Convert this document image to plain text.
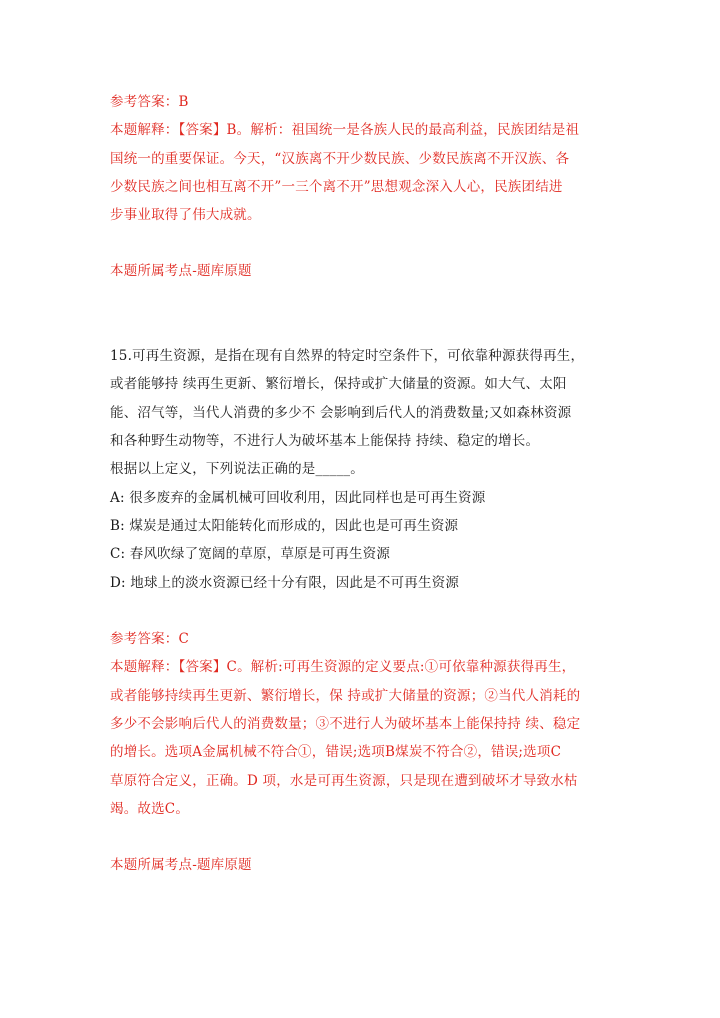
参考答案：B
本题解释：【答案】B。解析：祖国统一是各族人民的最高利益，民族团结是祖
国统一的重要保证。今天，“汉族离不开少数民族、少数民族离不开汉族、各
少数民族之间也相互离不开”一三个离不开”思想观念深入人心，民族团结进
步事业取得了伟大成就。
本题所属考点-题库原题
15.可再生资源，是指在现有自然界的特定时空条件下，可依靠种源获得再生，
或者能够持 续再生更新、繁衍增长，保持或扩大储量的资源。如大气、太阳
能、沼气等，当代人消费的多少不 会影响到后代人的消费数量;又如森林资源
和各种野生动物等，不进行人为破坏基本上能保持 持续、稳定的增长。
根据以上定义，下列说法正确的是_____。
A: 很多废弃的金属机械可回收利用，因此同样也是可再生资源
B: 煤炭是通过太阳能转化而形成的，因此也是可再生资源
C: 春风吹绿了宽阔的草原，草原是可再生资源
D: 地球上的淡水资源已经十分有限，因此是不可再生资源
参考答案：C
本题解释：【答案】C。解析:可再生资源的定义要点:①可依靠种源获得再生，
或者能够持续再生更新、繁衍增长，保 持或扩大储量的资源；②当代人消耗的
多少不会影响后代人的消费数量；③不进行人为破坏基本上能保持持 续、稳定
的增长。选项A金属机械不符合①，错误;选项B煤炭不符合②，错误;选项C
草原符合定义，正确。D 项，水是可再生资源，只是现在遭到破坏才导致水枯
竭。故选C。
本题所属考点-题库原题
